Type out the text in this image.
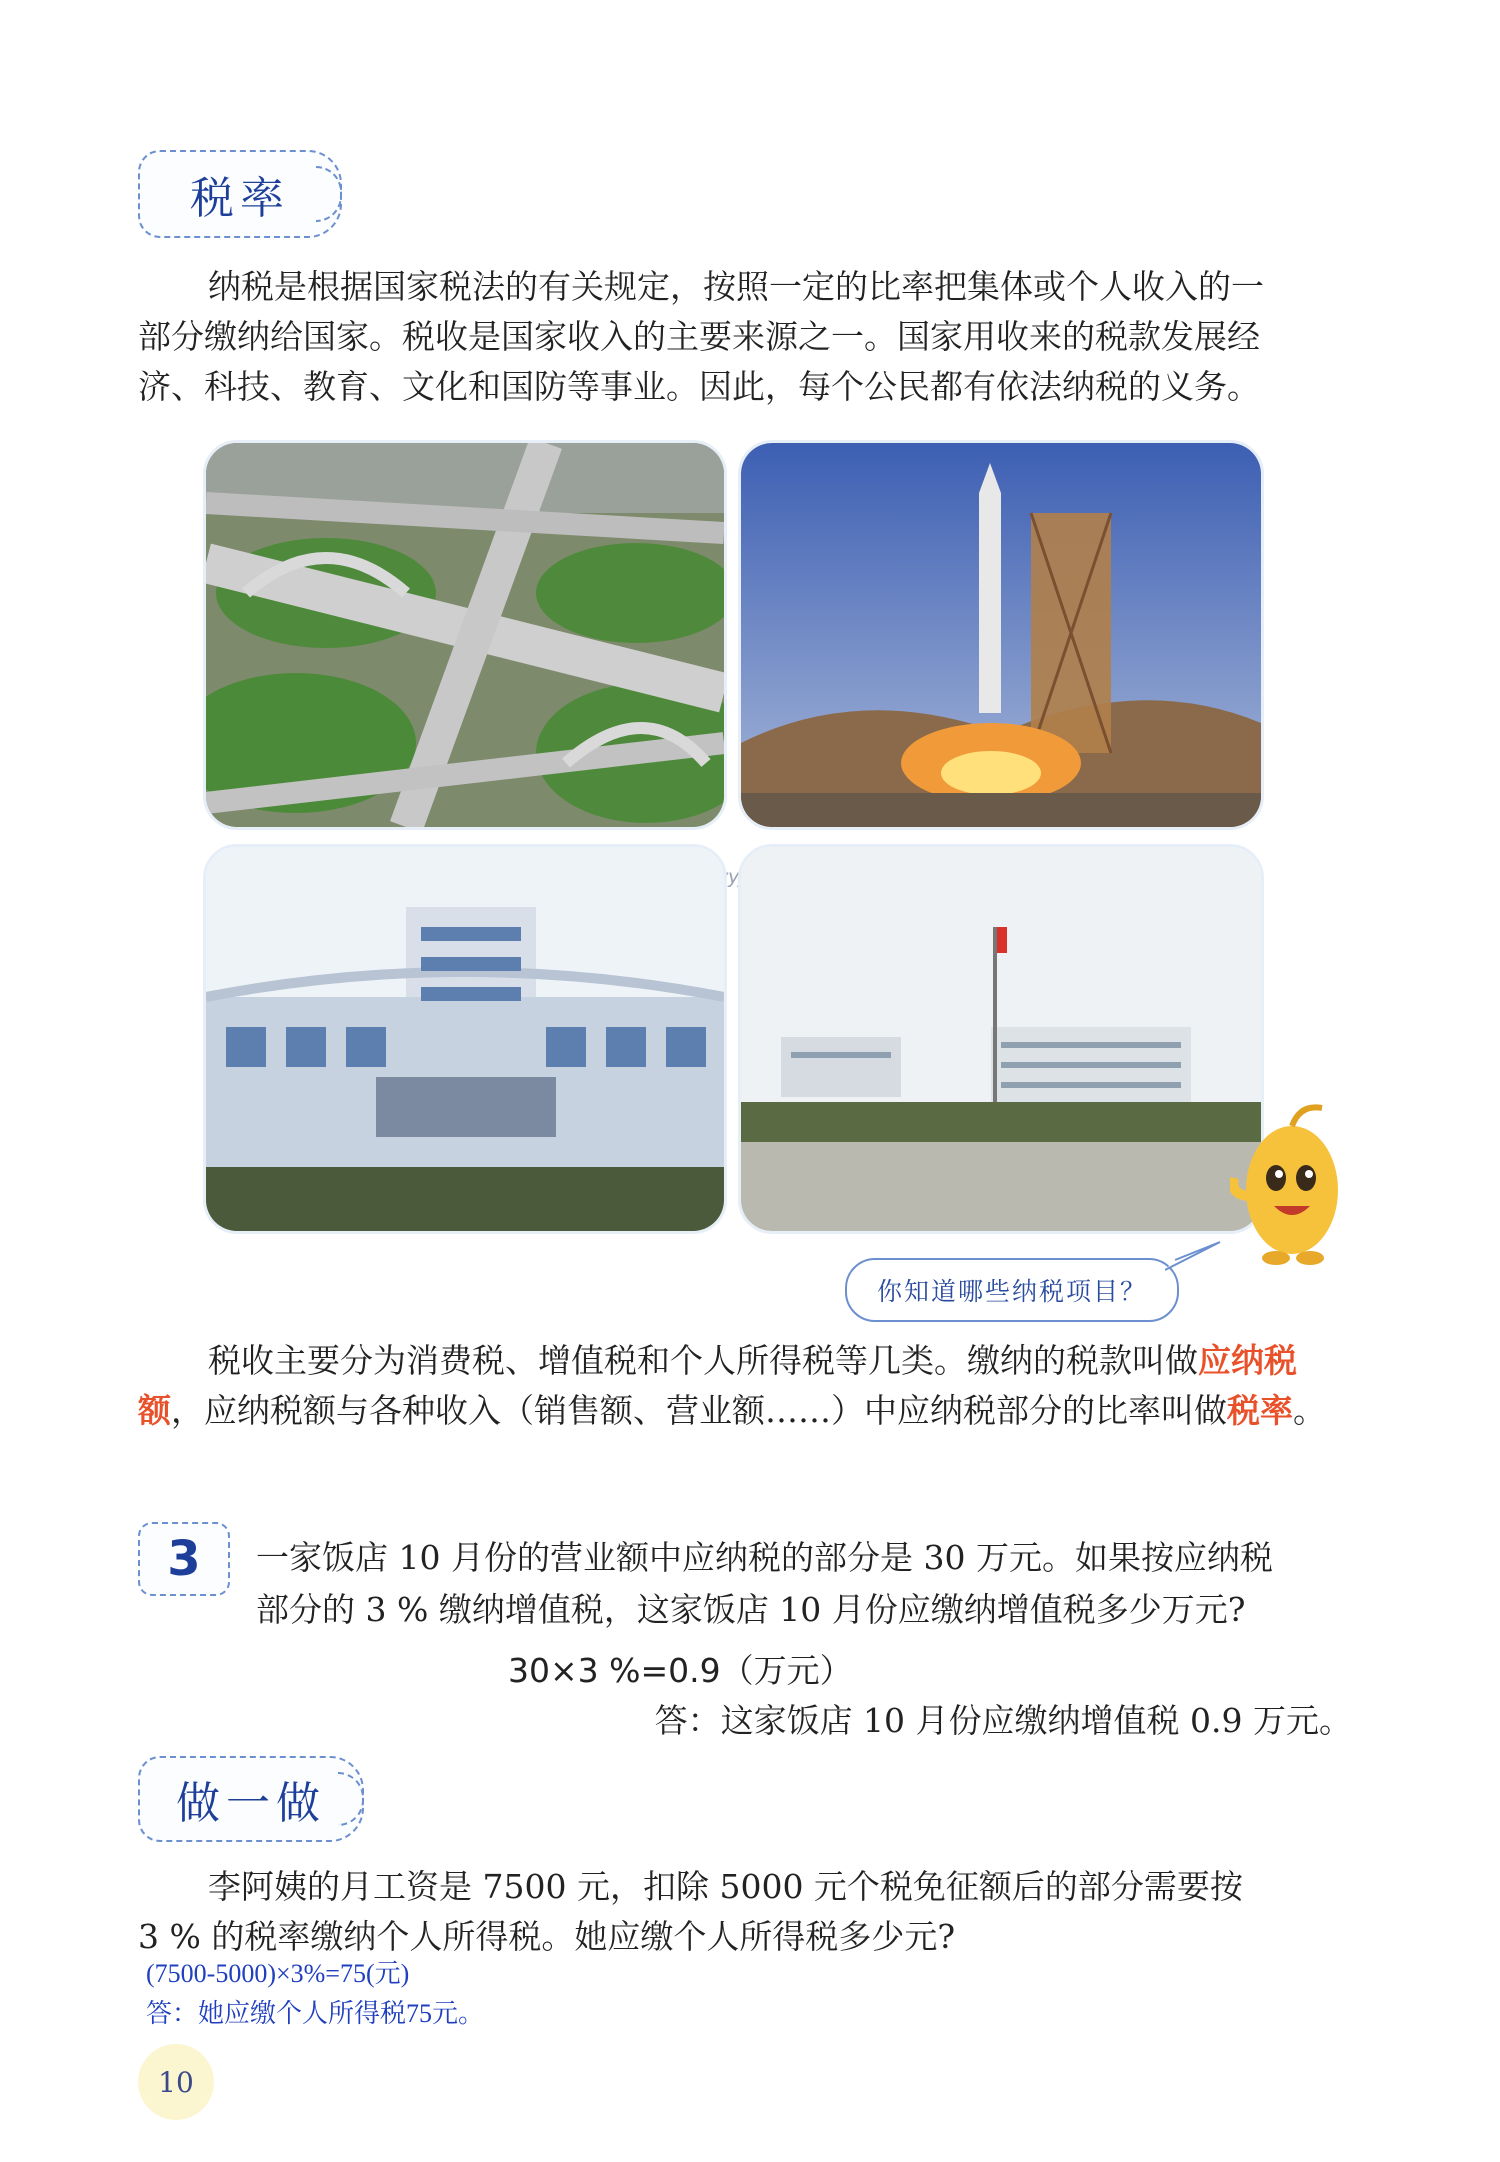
税率

纳税是根据国家税法的有关规定，按照一定的比率把集体或个人收入的一

部分缴纳给国家。税收是国家收入的主要来源之一。国家用收来的税款发展经

济、科技、教育、文化和国防等事业。因此，每个公民都有依法纳税的义务。

你知道哪些纳税项目？
税收主要分为消费税、增值税和个人所得税等几类。缴纳的税款叫做应纳税额，应纳税额与各种收入（销售额、营业额……）中应纳税部分的比率叫做税率。
3 一家饭店 10 月份的营业额中应纳税的部分是 30 万元。如果按应纳税

部分的 3 % 缴纳增值税，这家饭店 10 月份应缴纳增值税多少万元?

30×3 %=0.9（万元）
答：这家饭店 10 月份应缴纳增值税 0.9 万元。
做一做

李阿姨的月工资是 7500 元，扣除 5000 元个税免征额后的部分需要按

3 % 的税率缴纳个人所得税。她应缴个人所得税多少元?

(7500-5000)×3%=75(元)
答：她应缴个人所得税75元。
10
